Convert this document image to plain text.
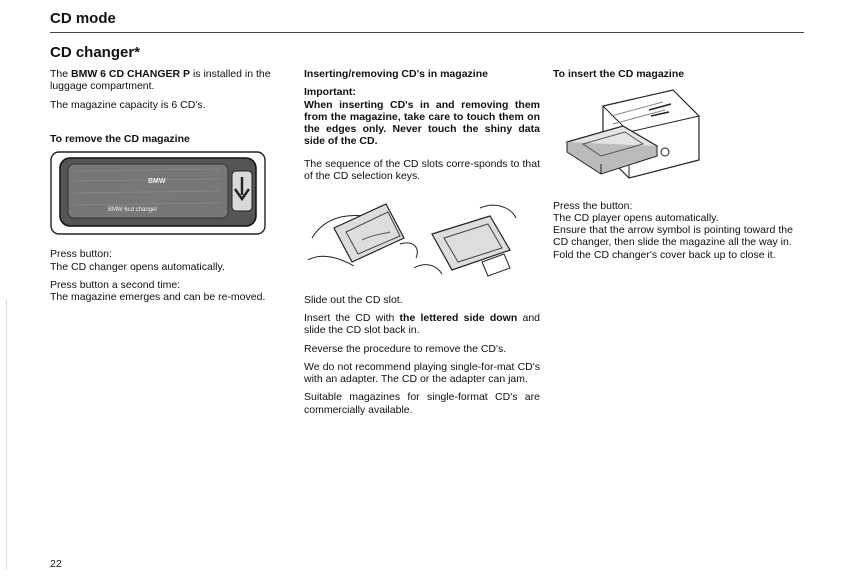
CD mode
CD changer*

The BMW 6 CD CHANGER P is installed in the luggage compartment.

The magazine capacity is 6 CD's.

To remove the CD magazine
BMW
BMW 6cd changer

Press button:

The CD changer opens automatically.

Press button a second time:

The magazine emerges and can be re-moved.

Inserting/removing CD's in magazine
Important:

When inserting CD's in and removing them from the magazine, take care to touch them on the edges only. Never touch the shiny data side of the CD.

The sequence of the CD slots corre-sponds to that of the CD selection keys.

Slide out the CD slot.

Insert the CD with the lettered side down and slide the CD slot back in.

Reverse the procedure to remove the CD's.

We do not recommend playing single-for-mat CD's with an adapter. The CD or the adapter can jam.

Suitable magazines for single-format CD's are commercially available.

To insert the CD magazine

Press the button:

The CD player opens automatically.

Ensure that the arrow symbol is pointing toward the CD changer, then slide the magazine all the way in.

Fold the CD changer's cover back up to close it.

22
